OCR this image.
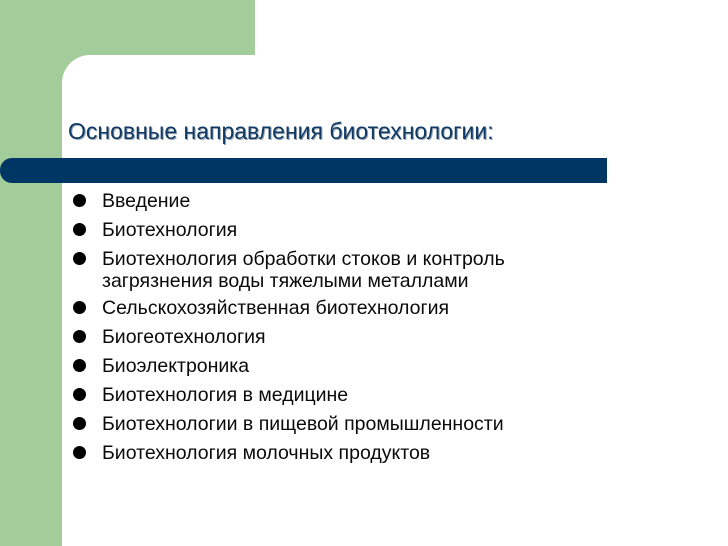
Основные направления биотехнологии:
Введение
Биотехнология
Биотехнология обработки стоков и контроль загрязнения воды тяжелыми металлами
Сельскохозяйственная биотехнология
Биогеотехнология
Биоэлектроника
Биотехнология в медицине
Биотехнологии в пищевой промышленности
Биотехнология молочных продуктов
